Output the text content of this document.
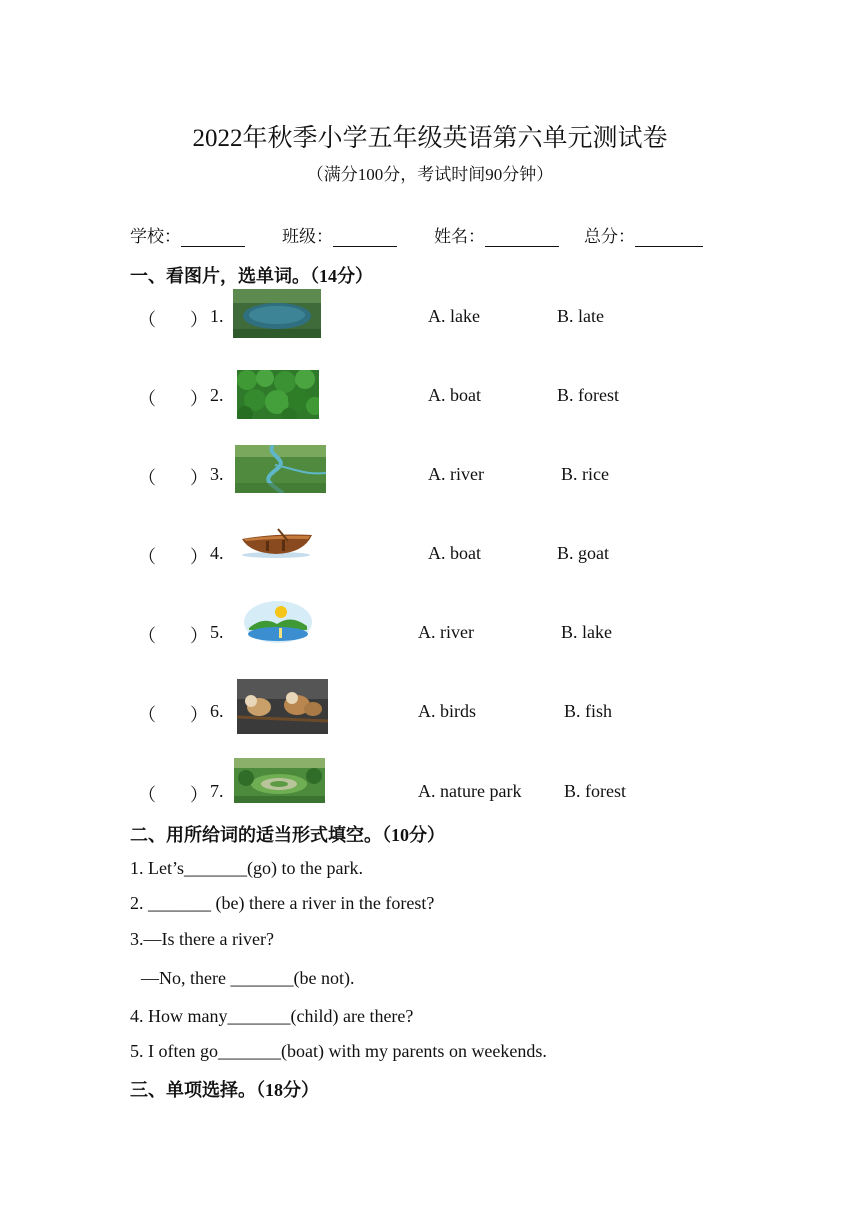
2022年秋季小学五年级英语第六单元测试卷
（满分100分，考试时间90分钟）
学校：	班级：	姓名：	总分：
一、看图片，选单词。（14分）
（ ） 1.	A. lake	B. late
（ ） 2.	A. boat	B. forest
（ ） 3.	A. river	B. rice
（ ） 4.	A. boat	B. goat
（ ） 5.	A. river	B. lake
（ ） 6.	A. birds	B. fish
（ ） 7.	A. nature park B. forest
二、用所给词的适当形式填空。（10分）
1. Let’s_______(go) to the park.
2. _______ (be) there a river in the forest?
3.—Is there a river?
—No, there _______(be not).
4. How many_______(child) are there?
5. I often go_______(boat) with my parents on weekends.
三、单项选择。（18分）
